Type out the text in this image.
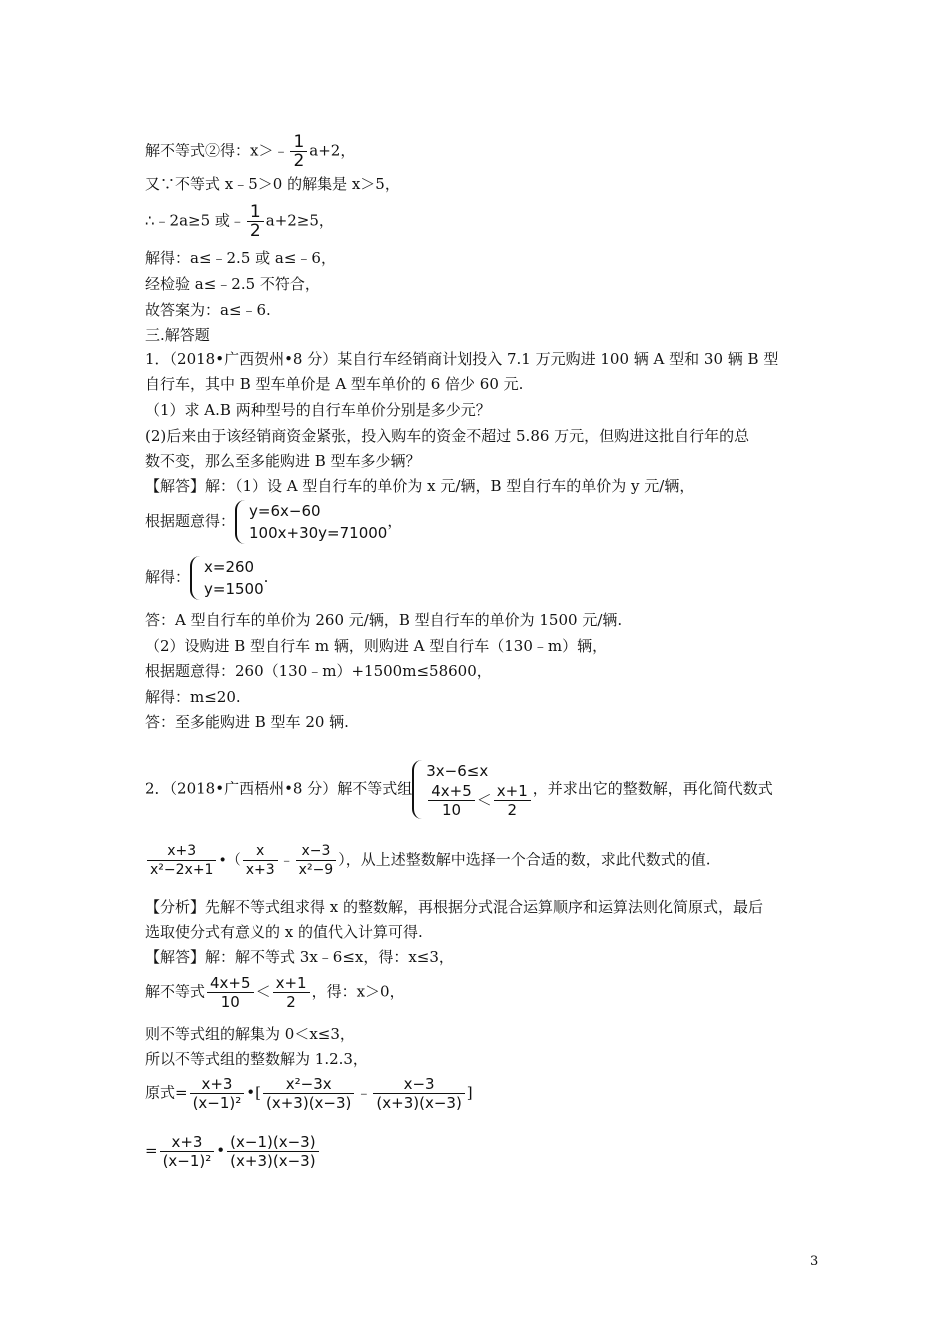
解不等式②得：x＞﹣ $\frac{1}{2} a+2$，
又∵不等式 x﹣5＞0 的解集是 x＞5，
∴﹣2a≥5 或﹣ $\frac{1}{2} a+2\ge 5$，
解得：a≤﹣2.5 或 a≤﹣6，
经检验 a≤﹣2.5 不符合，
故答案为：a≤﹣6.
三.解答题
1．（2018•广西贺州•8 分）某自行车经销商计划投入 7.1 万元购进 100 辆 A 型和 30 辆 B 型
自行车，其中 B 型车单价是 A 型车单价的 6 倍少 60 元.
（1）求 A.B 两种型号的自行车单价分别是多少元？
(2)后来由于该经销商资金紧张，投入购车的资金不超过 5.86 万元，但购进这批自行年的总
数不变，那么至多能购进 B 型车多少辆？
【解答】解：（1）设 A 型自行车的单价为 x 元/辆，B 型自行车的单价为 y 元/辆，
根据题意得：
y=6x−60
100x+30y=71000
，
解得：
x=260
y=1500
.
答：A 型自行车的单价为 260 元/辆，B 型自行车的单价为 1500 元/辆.
（2）设购进 B 型自行车 m 辆，则购进 A 型自行车（130﹣m）辆，
根据题意得：260（130﹣m）+1500m≤58600，
解得：m≤20.
答：至多能购进 B 型车 20 辆.
2．（2018•广西梧州•8 分）解不等式组
3x−6≤x
$\frac{4x+5}{10} < \frac{x+1}{2}$ ，并求出它的整数解，再化简代数式
$\frac{x+3}{\text{x²−2x+1}}$ •（ $\frac{x}{x+3}$ ﹣ $\frac{x-3}{\text{x²−9}}$ ），从上述整数解中选择一个合适的数，求此代数式的值.
【分析】先解不等式组求得 x 的整数解，再根据分式混合运算顺序和运算法则化简原式，最后
选取使分式有意义的 x 的值代入计算可得.
【解答】解：解不等式 3x﹣6≤x，得：x≤3，
解不等式 $\frac{4x+5}{10} < \frac{x+1}{2}$ ，得：x＞0，
则不等式组的解集为 0＜x≤3，
所以不等式组的整数解为 1.2.3，
原式= $\frac{x+3}{\text{(x−1)²}}$ •[ $\frac{\text{x²−3x}}{(x+3)(x-3)}$ ﹣ $\frac{x-3}{(x+3)(x-3)}$ ]
= $\frac{x+3}{\text{(x−1)²}}$ • $\frac{(x-1)(x-3)}{(x+3)(x-3)}$
3
